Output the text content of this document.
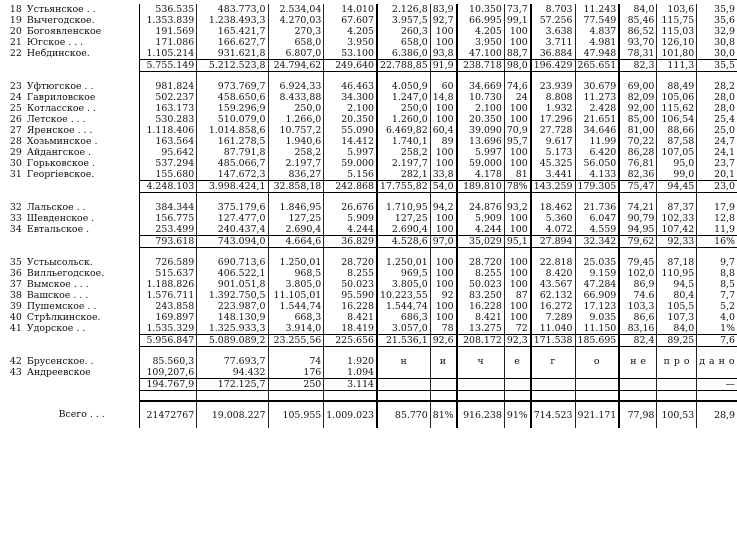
18	Устьянское . .	536.535	483.773,0	2.534,04	14.010	2.126,8	83,9	10.350	73,7	8.703	11.243	84,0	103,6	35,9
19	Вычегодское.	1.353.839	1.238.493,3	4.270,03	67.607	3.957,5	92,7	66.995	99,1	57.256	77.549	85,46	115,75	35,6
20	Богоявленское	191.569	165.421,7	270,3	4.205	260,3	100	4.205	100	3.638	4.837	86,52	115,03	32,9
21	Югское . . .	171.086	166.627,7	658,0	3.950	658,0	100	3.950	100	3.711	4.981	93,70	126,10	30,8
22	Небдинское.	1.105.214	931.621,8	6.807,0	53.100	6.386,0	93,8	47.100	88,7	36.884	47.948	78,31	101,80	30,0
		5.755.149	5.212.523,8	24.794,62	249.640	22.788,85	91,9	238.718	98,0	196.429	265.651	82,3	111,3	35,5

23	Уфтюгское . .	981.824	973.769,7	6.924,33	46.463	4.050,9	60	34.669	74,6	23.939	30.679	69,00	88,49	28,2
24	Гавриловское	502.237	458.650,6	8.433,88	34.300	1.247,0	14,8	10.730	24	8.808	11.273	82,09	105,06	28,0
25	Котласское . .	163.173	159.296,9	250,0	2.100	250,0	100	2.100	100	1.932	2.428	92,00	115,62	28,0
26	Летское . . .	530.283	510.079,0	1.266,0	20.350	1.260,0	100	20.350	100	17.296	21.651	85,00	106,54	25,4
27	Яренское . . .	1.118.406	1.014.858,6	10.757,2	55.090	6.469,82	60,4	39.090	70,9	27.728	34.646	81,00	88,66	25,0
28	Хозьминское .	163.564	161.278,5	1.940,6	14.412	1.740,1	89	13.696	95,7	9.617	11.99	70,22	87,58	24,7
29	Айдангское .	95.642	87.791,8	258,2	5.997	258,2	100	5.997	100	5.173	6.420	86,28	107,05	24,1
30	Горьковское .	537.294	485.066,7	2.197,7	59.000	2.197,7	100	59.000	100	45.325	56.050	76,81	95,0	23,7
31	Георгіевское.	155.680	147.672,3	836,27	5.156	282,1	33,8	4.178	81	3.441	4.133	82,36	99,0	20,1
		4.248.103	3.998.424,1	32.858,18	242.868	17.755,82	54,0	189.810	78%	143.259	179.305	75,47	94,45	23,0

32	Лальское . .	384.344	375.179,6	1.846,95	26.676	1.710,95	94,2	24.876	93,2	18.462	21.736	74,21	87,37	17,9
33	Шевденское .	156.775	127.477,0	127,25	5.909	127,25	100	5.909	100	5.360	6.047	90,79	102,33	12,8
34	Евтальское .	253.499	240.437,4	2.690,4	4.244	2.690,4	100	4.244	100	4.072	4.559	94,95	107,42	11,9
		793.618	743.094,0	4.664,6	36.829	4.528,6	97,0	35,029	95,1	27.894	32.342	79,62	92,33	16%

35	Устьысольск.	726.589	690.713,6	1.250,01	28.720	1.250,01	100	28.720	100	22.818	25.035	79,45	87,18	9,7
36	Вилльегодское.	515.637	406.522,1	968,5	8.255	969,5	100	8.255	100	8.420	9.159	102,0	110,95	8,8
37	Вымское . . .	1.188.826	901.051,8	3.805,0	50.023	3.805,0	100	50.023	100	43.567	47.284	86,9	94,5	8,5
38	Вашское . . .	1.576.711	1.392.750,5	11.105,01	95.590	10.223,55	92	83.250	87	62.132	66.909	74.6	80,4	7,7
39	Пушемское . .	243.858	223.987,0	1.544,74	16.228	1.544,74	100	16.228	100	16.272	17.123	103,3	105,5	5,2
40	Стрѣлкинское.	169.897	148.130,9	668,3	8.421	686,3	100	8.421	100	7.289	9.035	86,6	107,3	4,0
41	Удорское . .	1.535.329	1.325.933,3	3.914,0	18.419	3.057,0	78	13.275	72	11.040	11.150	83,16	84,0	1%
		5.956.847	5.089.089,2	23.255,56	225.656	21.536,1	92,6	208.172	92,3	171.538	185.695	82,4	89,25	7,6

42	Брусенское. .	85.560,3	77.693,7	74	1.920	н	и	ч	е	г	о	н е	п р о	д а н о
43	Андреевское	109,207,6	94.432	176	1.094									
		194.767,9	172.125,7	250	3.114									—

	Всего . . .	21472767	19.008.227	105.955	1.009.023	85.770	81%	916.238	91%	714.523	921.171	77,98	100,53	28,9
